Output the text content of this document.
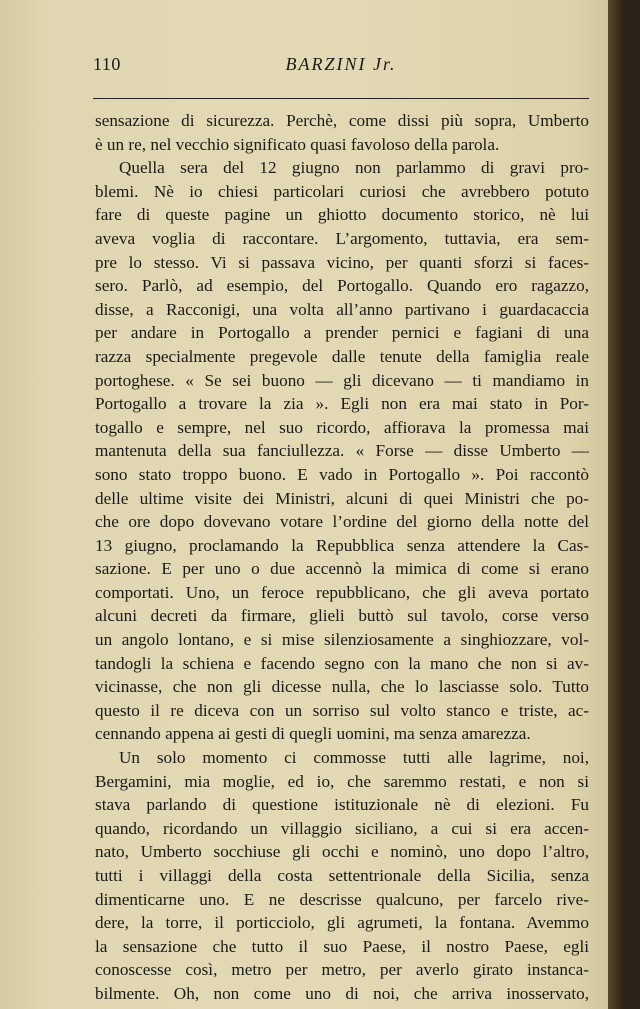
110	BARZINI Jr.
sensazione di sicurezza. Perchè, come dissi più sopra, Umberto
è un re, nel vecchio significato quasi favoloso della parola.
Quella sera del 12 giugno non parlammo di gravi pro-
blemi. Nè io chiesi particolari curiosi che avrebbero potuto
fare di queste pagine un ghiotto documento storico, nè lui
aveva voglia di raccontare. L’argomento, tuttavia, era sem-
pre lo stesso. Vi si passava vicino, per quanti sforzi si faces-
sero. Parlò, ad esempio, del Portogallo. Quando ero ragazzo,
disse, a Racconigi, una volta all’anno partivano i guardacaccia
per andare in Portogallo a prender pernici e fagiani di una
razza specialmente pregevole dalle tenute della famiglia reale
portoghese. « Se sei buono — gli dicevano — ti mandiamo in
Portogallo a trovare la zia ». Egli non era mai stato in Por-
togallo e sempre, nel suo ricordo, affiorava la promessa mai
mantenuta della sua fanciullezza. « Forse — disse Umberto —
sono stato troppo buono. E vado in Portogallo ». Poi raccontò
delle ultime visite dei Ministri, alcuni di quei Ministri che po-
che ore dopo dovevano votare l’ordine del giorno della notte del
13 giugno, proclamando la Repubblica senza attendere la Cas-
sazione. E per uno o due accennò la mimica di come si erano
comportati. Uno, un feroce repubblicano, che gli aveva portato
alcuni decreti da firmare, glieli buttò sul tavolo, corse verso
un angolo lontano, e si mise silenziosamente a singhiozzare, vol-
tandogli la schiena e facendo segno con la mano che non si av-
vicinasse, che non gli dicesse nulla, che lo lasciasse solo. Tutto
questo il re diceva con un sorriso sul volto stanco e triste, ac-
cennando appena ai gesti di quegli uomini, ma senza amarezza.
Un solo momento ci commosse tutti alle lagrime, noi,
Bergamini, mia moglie, ed io, che saremmo restati, e non si
stava parlando di questione istituzionale nè di elezioni. Fu
quando, ricordando un villaggio siciliano, a cui si era accen-
nato, Umberto socchiuse gli occhi e nominò, uno dopo l’altro,
tutti i villaggi della costa settentrionale della Sicilia, senza
dimenticarne uno. E ne descrisse qualcuno, per farcelo rive-
dere, la torre, il porticciolo, gli agrumeti, la fontana. Avemmo
la sensazione che tutto il suo Paese, il nostro Paese, egli
conoscesse così, metro per metro, per averlo girato instanca-
bilmente. Oh, non come uno di noi, che arriva inosservato,
